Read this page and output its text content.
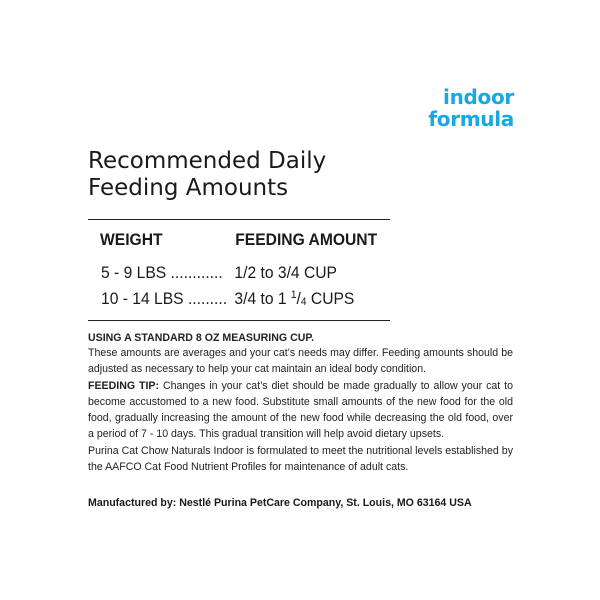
indoor
formula
Recommended Daily
Feeding Amounts
WEIGHT	FEEDING AMOUNT
5 - 9 LBS ............ 1/2 to 3/4 CUP
10 - 14 LBS ......... 3/4 to 1 $^1$/4 CUPS
USING A STANDARD 8 OZ MEASURING CUP.
These amounts are averages and your cat’s needs may differ. Feeding amounts should be adjusted as necessary to help your cat maintain an ideal body condition.
FEEDING TIP: Changes in your cat’s diet should be made gradually to allow your cat to become accustomed to a new food. Substitute small amounts of the new food for the old food, gradually increasing the amount of the new food while decreasing the old food, over a period of 7 - 10 days. This gradual transition will help avoid dietary upsets.
Purina Cat Chow Naturals Indoor is formulated to meet the nutritional levels established by the AAFCO Cat Food Nutrient Profiles for maintenance of adult cats.
Manufactured by: Nestlé Purina PetCare Company, St. Louis, MO 63164 USA
